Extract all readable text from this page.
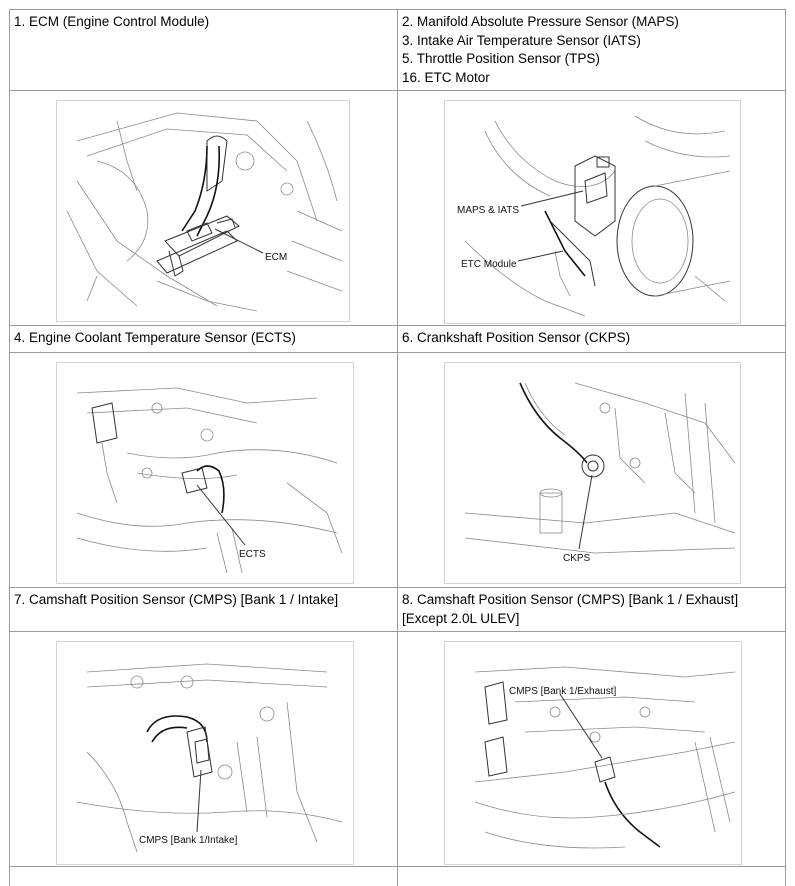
1. ECM (Engine Control Module)	2. Manifold Absolute Pressure Sensor (MAPS)
3. Intake Air Temperature Sensor (IATS)
5. Throttle Position Sensor (TPS)
16. ETC Motor
ECM
MAPS & IATS
ETC Module
4. Engine Coolant Temperature Sensor (ECTS)	6. Crankshaft Position Sensor (CKPS)
ECTS	CKPS
7. Camshaft Position Sensor (CMPS) [Bank 1 / Intake]	8. Camshaft Position Sensor (CMPS) [Bank 1 / Exhaust]
[Except 2.0L ULEV]
CMPS [Bank 1/Intake]
CMPS [Bank 1/Exhaust]
